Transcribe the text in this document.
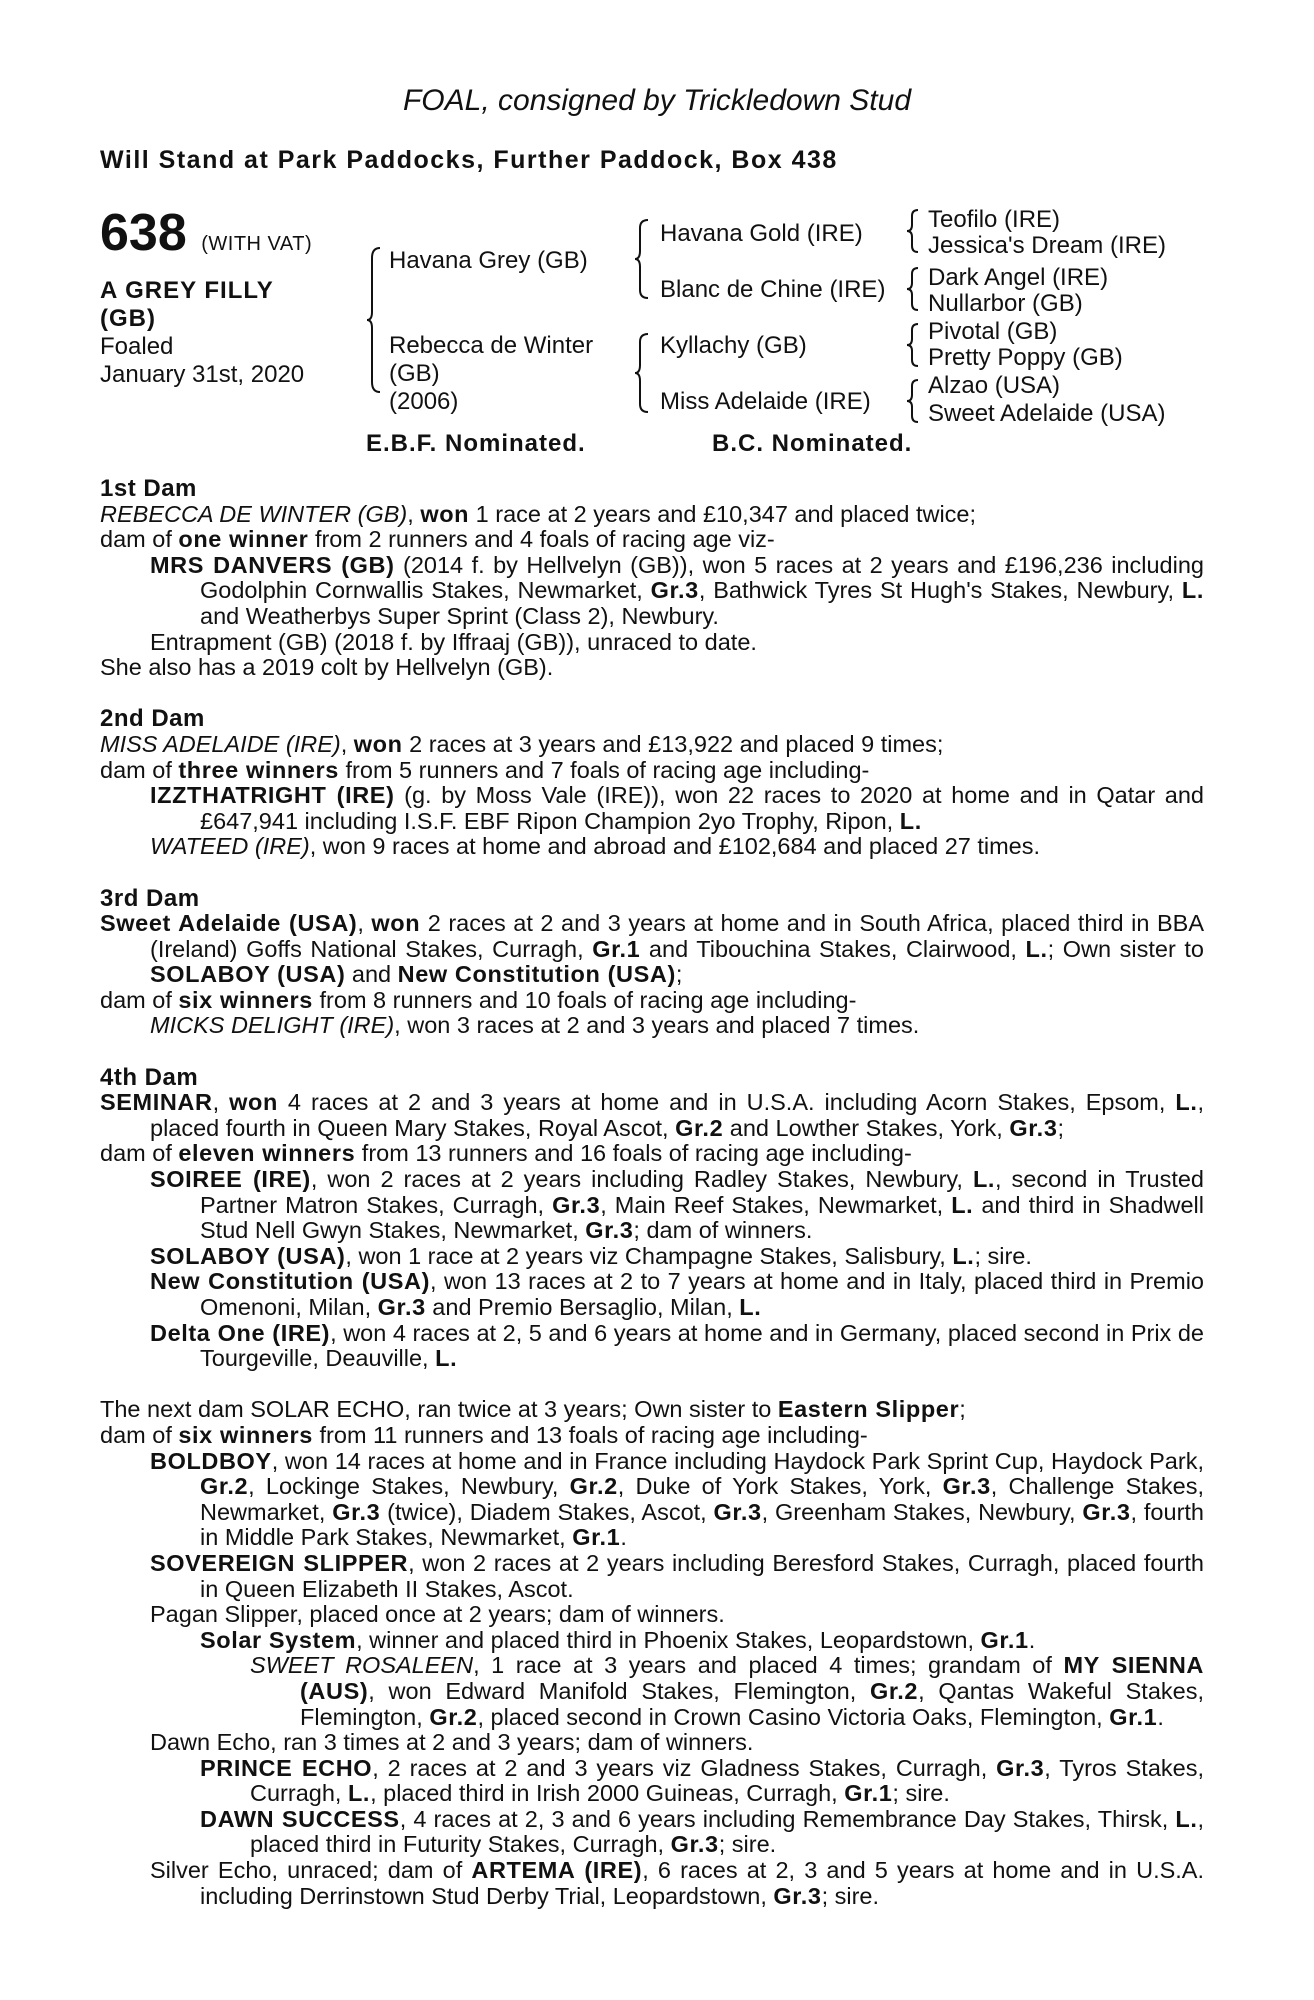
FOAL, consigned by Trickledown Stud
Will Stand at Park Paddocks, Further Paddock, Box 438
638 (WITH VAT)
A GREY FILLY
(GB)
Foaled
January 31st, 2020
Havana Grey (GB)
Rebecca de Winter
(GB)
(2006)
Havana Gold (IRE)
Blanc de Chine (IRE)
Kyllachy (GB)
Miss Adelaide (IRE)
Teofilo (IRE)
Jessica's Dream (IRE)
Dark Angel (IRE)
Nullarbor (GB)
Pivotal (GB)
Pretty Poppy (GB)
Alzao (USA)
Sweet Adelaide (USA)
E.B.F. Nominated.	B.C. Nominated.

1st Dam

REBECCA DE WINTER (GB), won 1 race at 2 years and £10,347 and placed twice;

dam of one winner from 2 runners and 4 foals of racing age viz-

MRS DANVERS (GB) (2014 f. by Hellvelyn (GB)), won 5 races at 2 years and £196,236 including Godolphin Cornwallis Stakes, Newmarket, Gr.3, Bathwick Tyres St Hugh's Stakes, Newbury, L. and Weatherbys Super Sprint (Class 2), Newbury.

Entrapment (GB) (2018 f. by Iffraaj (GB)), unraced to date.

She also has a 2019 colt by Hellvelyn (GB).

2nd Dam

MISS ADELAIDE (IRE), won 2 races at 3 years and £13,922 and placed 9 times;

dam of three winners from 5 runners and 7 foals of racing age including-

IZZTHATRIGHT (IRE) (g. by Moss Vale (IRE)), won 22 races to 2020 at home and in Qatar and £647,941 including I.S.F. EBF Ripon Champion 2yo Trophy, Ripon, L.

WATEED (IRE), won 9 races at home and abroad and £102,684 and placed 27 times.

3rd Dam

Sweet Adelaide (USA), won 2 races at 2 and 3 years at home and in South Africa, placed third in BBA (Ireland) Goffs National Stakes, Curragh, Gr.1 and Tibouchina Stakes, Clairwood, L.; Own sister to SOLABOY (USA) and New Constitution (USA);

dam of six winners from 8 runners and 10 foals of racing age including-

MICKS DELIGHT (IRE), won 3 races at 2 and 3 years and placed 7 times.

4th Dam

SEMINAR, won 4 races at 2 and 3 years at home and in U.S.A. including Acorn Stakes, Epsom, L., placed fourth in Queen Mary Stakes, Royal Ascot, Gr.2 and Lowther Stakes, York, Gr.3;

dam of eleven winners from 13 runners and 16 foals of racing age including-

SOIREE (IRE), won 2 races at 2 years including Radley Stakes, Newbury, L., second in Trusted Partner Matron Stakes, Curragh, Gr.3, Main Reef Stakes, Newmarket, L. and third in Shadwell Stud Nell Gwyn Stakes, Newmarket, Gr.3; dam of winners.

SOLABOY (USA), won 1 race at 2 years viz Champagne Stakes, Salisbury, L.; sire.

New Constitution (USA), won 13 races at 2 to 7 years at home and in Italy, placed third in Premio Omenoni, Milan, Gr.3 and Premio Bersaglio, Milan, L.

Delta One (IRE), won 4 races at 2, 5 and 6 years at home and in Germany, placed second in Prix de Tourgeville, Deauville, L.

The next dam SOLAR ECHO, ran twice at 3 years; Own sister to Eastern Slipper;

dam of six winners from 11 runners and 13 foals of racing age including-

BOLDBOY, won 14 races at home and in France including Haydock Park Sprint Cup, Haydock Park, Gr.2, Lockinge Stakes, Newbury, Gr.2, Duke of York Stakes, York, Gr.3, Challenge Stakes, Newmarket, Gr.3 (twice), Diadem Stakes, Ascot, Gr.3, Greenham Stakes, Newbury, Gr.3, fourth in Middle Park Stakes, Newmarket, Gr.1.

SOVEREIGN SLIPPER, won 2 races at 2 years including Beresford Stakes, Curragh, placed fourth in Queen Elizabeth II Stakes, Ascot.

Pagan Slipper, placed once at 2 years; dam of winners.

Solar System, winner and placed third in Phoenix Stakes, Leopardstown, Gr.1.

SWEET ROSALEEN, 1 race at 3 years and placed 4 times; grandam of MY SIENNA (AUS), won Edward Manifold Stakes, Flemington, Gr.2, Qantas Wakeful Stakes, Flemington, Gr.2, placed second in Crown Casino Victoria Oaks, Flemington, Gr.1.

Dawn Echo, ran 3 times at 2 and 3 years; dam of winners.

PRINCE ECHO, 2 races at 2 and 3 years viz Gladness Stakes, Curragh, Gr.3, Tyros Stakes, Curragh, L., placed third in Irish 2000 Guineas, Curragh, Gr.1; sire.

DAWN SUCCESS, 4 races at 2, 3 and 6 years including Remembrance Day Stakes, Thirsk, L., placed third in Futurity Stakes, Curragh, Gr.3; sire.

Silver Echo, unraced; dam of ARTEMA (IRE), 6 races at 2, 3 and 5 years at home and in U.S.A. including Derrinstown Stud Derby Trial, Leopardstown, Gr.3; sire.
